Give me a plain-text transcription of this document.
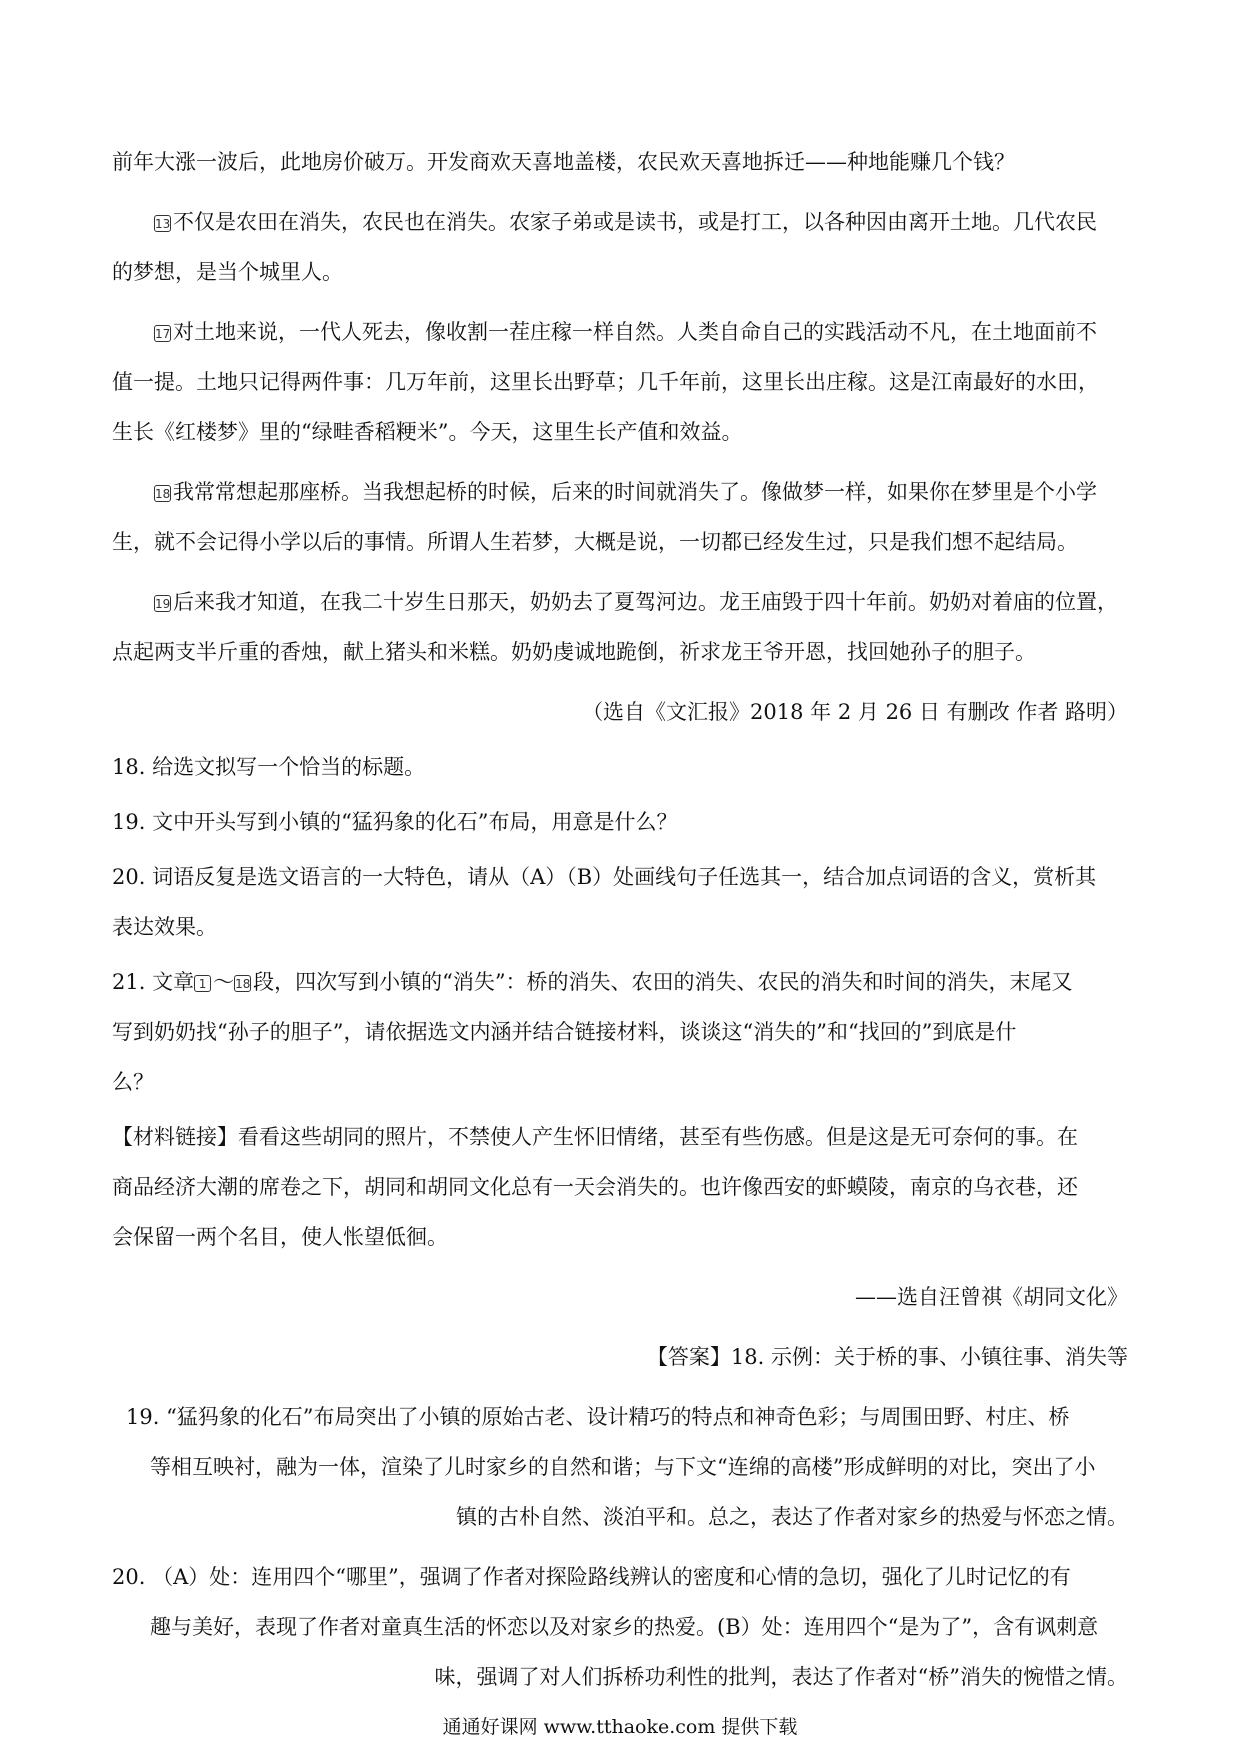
前年大涨一波后，此地房价破万。开发商欢天喜地盖楼，农民欢天喜地拆迁——种地能赚几个钱？
13 不仅是农田在消失，农民也在消失。农家子弟或是读书，或是打工，以各种因由离开土地。几代农民
的梦想，是当个城里人。
17 对土地来说，一代人死去，像收割一茬庄稼一样自然。人类自命自己的实践活动不凡，在土地面前不
值一提。土地只记得两件事：几万年前，这里长出野草；几千年前，这里长出庄稼。这是江南最好的水田，
生长《红楼梦》里的“绿畦香稻粳米”。今天，这里生长产值和效益。
18 我常常想起那座桥。当我想起桥的时候，后来的时间就消失了。像做梦一样，如果你在梦里是个小学
生，就不会记得小学以后的事情。所谓人生若梦，大概是说，一切都已经发生过，只是我们想不起结局。
19 后来我才知道，在我二十岁生日那天，奶奶去了夏驾河边。龙王庙毁于四十年前。奶奶对着庙的位置，
点起两支半斤重的香烛，献上猪头和米糕。奶奶虔诚地跪倒，祈求龙王爷开恩，找回她孙子的胆子。
（选自《文汇报》2018 年 2 月 26 日 有删改 作者 路明）
18. 给选文拟写一个恰当的标题。
19. 文中开头写到小镇的“猛犸象的化石”布局，用意是什么？
20. 词语反复是选文语言的一大特色，请从（A）（B）处画线句子任选其一，结合加点词语的含义，赏析其
表达效果。
21. 文章 1 ～18 段，四次写到小镇的“消失”：桥的消失、农田的消失、农民的消失和时间的消失，末尾又
写到奶奶找“孙子的胆子”，请依据选文内涵并结合链接材料，谈谈这“消失的”和“找回的”到底是什
么？
【材料链接】看看这些胡同的照片，不禁使人产生怀旧情绪，甚至有些伤感。但是这是无可奈何的事。在
商品经济大潮的席卷之下，胡同和胡同文化总有一天会消失的。也许像西安的虾蟆陵，南京的乌衣巷，还
会保留一两个名目，使人怅望低徊。
——选自汪曾祺《胡同文化》
【答案】18. 示例：关于桥的事、小镇往事、消失等
19. “猛犸象的化石”布局突出了小镇的原始古老、设计精巧的特点和神奇色彩；与周围田野、村庄、桥
等相互映衬，融为一体，渲染了儿时家乡的自然和谐；与下文“连绵的高楼”形成鲜明的对比，突出了小
镇的古朴自然、淡泊平和。总之，表达了作者对家乡的热爱与怀恋之情。
20. （A）处：连用四个“哪里”，强调了作者对探险路线辨认的密度和心情的急切，强化了儿时记忆的有
趣与美好，表现了作者对童真生活的怀恋以及对家乡的热爱。(B）处：连用四个“是为了”，含有讽刺意
味，强调了对人们拆桥功利性的批判，表达了作者对“桥”消失的惋惜之情。
通通好课网 www.tthaoke.com 提供下载
